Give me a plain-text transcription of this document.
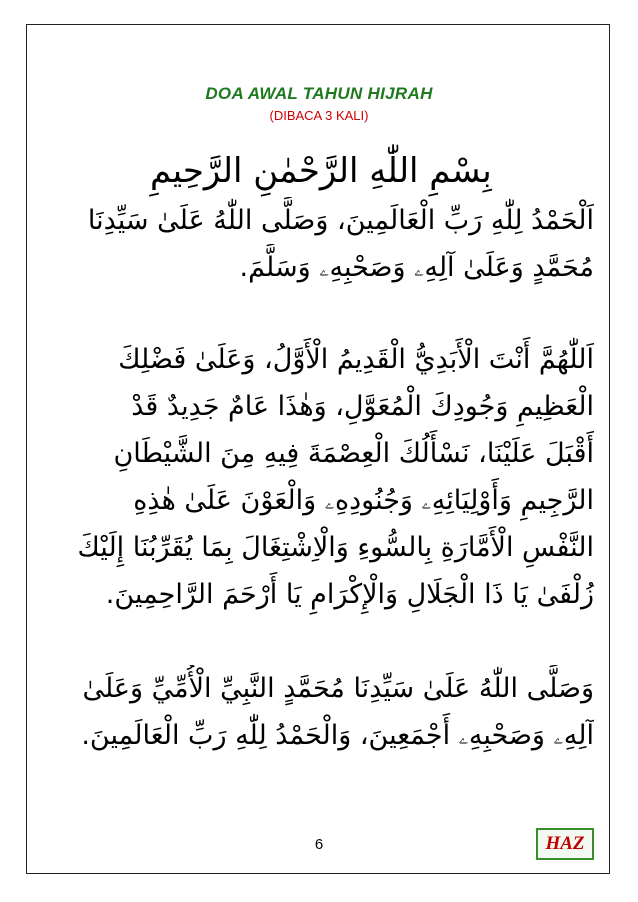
DOA AWAL TAHUN HIJRAH
(DIBACA 3 KALI)
بِسْمِ اللّٰهِ الرَّحْمٰنِ الرَّحِيمِ
اَلْحَمْدُ لِلّٰهِ رَبِّ الْعَالَمِينَ، وَصَلَّى اللّٰهُ عَلَىٰ سَيِّدِنَا
مُحَمَّدٍ وَعَلَىٰ آلِهِۦ وَصَحْبِهِۦ وَسَلَّمَ.
اَللّٰهُمَّ أَنْتَ الْأَبَدِيُّ الْقَدِيمُ الْأَوَّلُ، وَعَلَىٰ فَضْلِكَ
الْعَظِيمِ وَجُودِكَ الْمُعَوَّلِ، وَهٰذَا عَامٌ جَدِيدٌ قَدْ
أَقْبَلَ عَلَيْنَا، نَسْأَلُكَ الْعِصْمَةَ فِيهِ مِنَ الشَّيْطَانِ
الرَّجِيمِ وَأَوْلِيَائِهِۦ وَجُنُودِهِۦ وَالْعَوْنَ عَلَىٰ هٰذِهِ
النَّفْسِ الْأَمَّارَةِ بِالسُّوءِ وَالْاِشْتِغَالَ بِمَا يُقَرِّبُنَا إِلَيْكَ
زُلْفَىٰ يَا ذَا الْجَلَالِ وَالْإِكْرَامِ يَا أَرْحَمَ الرَّاحِمِينَ.
وَصَلَّى اللّٰهُ عَلَىٰ سَيِّدِنَا مُحَمَّدٍ النَّبِيِّ الْأُمِّيِّ وَعَلَىٰ
آلِهِۦ وَصَحْبِهِۦ أَجْمَعِينَ، وَالْحَمْدُ لِلّٰهِ رَبِّ الْعَالَمِينَ.
6	HAZ
